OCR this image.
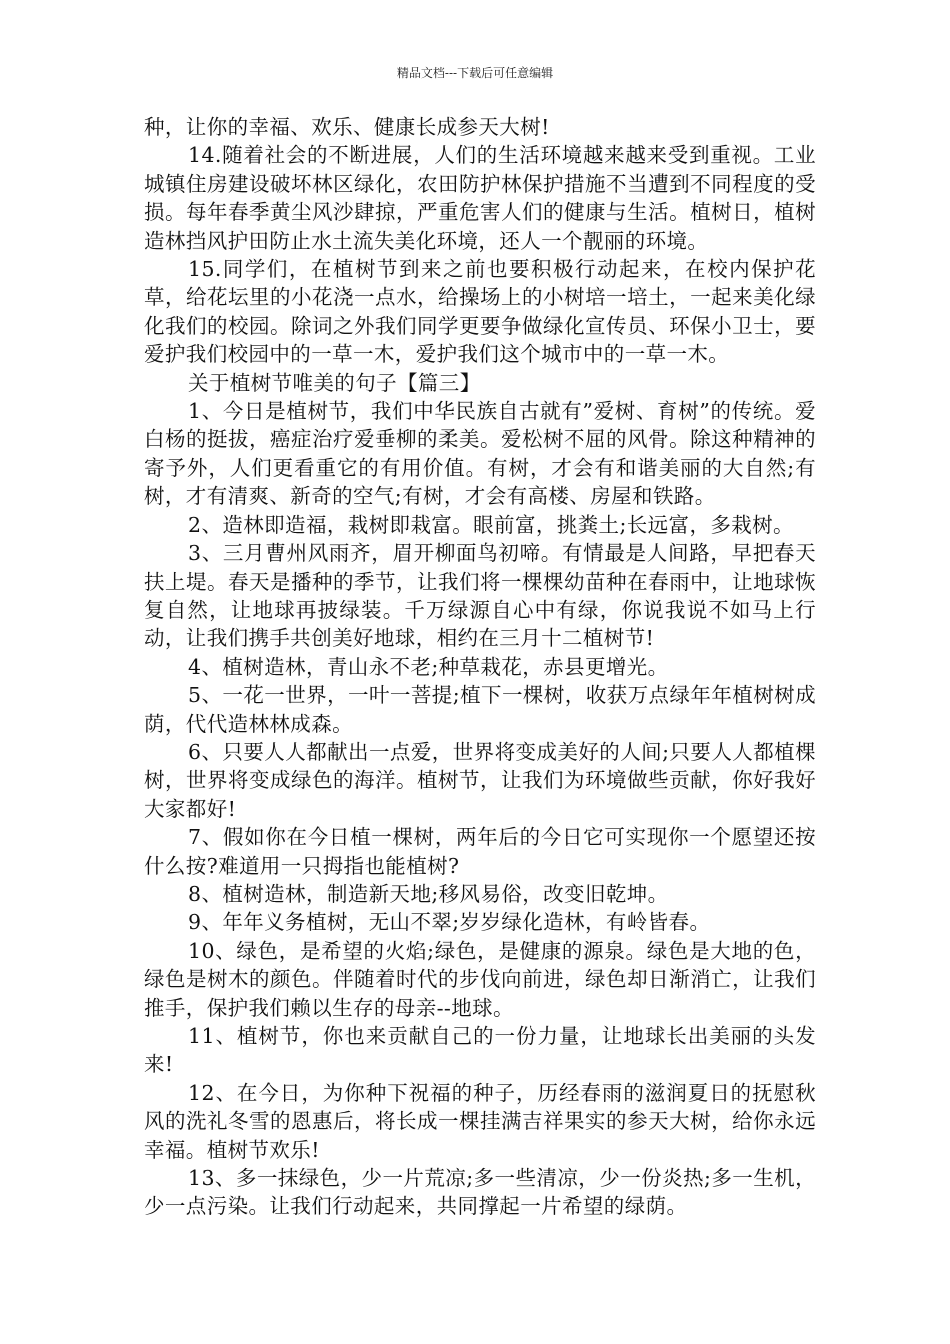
精品文档---下载后可任意编辑

种，让你的幸福、欢乐、健康长成参天大树!

14.随着社会的不断进展，人们的生活环境越来越来受到重视。工业城镇住房建设破坏林区绿化，农田防护林保护措施不当遭到不同程度的受损。每年春季黄尘风沙肆掠，严重危害人们的健康与生活。植树日，植树造林挡风护田防止水土流失美化环境，还人一个靓丽的环境。

15.同学们，在植树节到来之前也要积极行动起来，在校内保护花草，给花坛里的小花浇一点水，给操场上的小树培一培土，一起来美化绿化我们的校园。除词之外我们同学更要争做绿化宣传员、环保小卫士，要爱护我们校园中的一草一木，爱护我们这个城市中的一草一木。

关于植树节唯美的句子【篇三】

1、今日是植树节，我们中华民族自古就有”爱树、育树”的传统。爱白杨的挺拔，癌症治疗爱垂柳的柔美。爱松树不屈的风骨。除这种精神的寄予外，人们更看重它的有用价值。有树，才会有和谐美丽的大自然;有树，才有清爽、新奇的空气;有树，才会有高楼、房屋和铁路。

2、造林即造福，栽树即栽富。眼前富，挑粪土;长远富，多栽树。

3、三月曹州风雨齐，眉开柳面鸟初啼。有情最是人间路，早把春天扶上堤。春天是播种的季节，让我们将一棵棵幼苗种在春雨中，让地球恢复自然，让地球再披绿装。千万绿源自心中有绿，你说我说不如马上行动，让我们携手共创美好地球，相约在三月十二植树节!

4、植树造林，青山永不老;种草栽花，赤县更增光。

5、一花一世界，一叶一菩提;植下一棵树，收获万点绿年年植树树成荫，代代造林林成森。

6、只要人人都献出一点爱，世界将变成美好的人间;只要人人都植棵树，世界将变成绿色的海洋。植树节，让我们为环境做些贡献，你好我好大家都好!

7、假如你在今日植一棵树，两年后的今日它可实现你一个愿望还按什么按?难道用一只拇指也能植树?

8、植树造林，制造新天地;移风易俗，改变旧乾坤。

9、年年义务植树，无山不翠;岁岁绿化造林，有岭皆春。

10、绿色，是希望的火焰;绿色，是健康的源泉。绿色是大地的色，绿色是树木的颜色。伴随着时代的步伐向前进，绿色却日渐消亡，让我们推手，保护我们赖以生存的母亲--地球。

11、植树节，你也来贡献自己的一份力量，让地球长出美丽的头发来!

12、在今日，为你种下祝福的种子，历经春雨的滋润夏日的抚慰秋风的洗礼冬雪的恩惠后，将长成一棵挂满吉祥果实的参天大树，给你永远幸福。植树节欢乐!

13、多一抹绿色，少一片荒凉;多一些清凉，少一份炎热;多一生机，少一点污染。让我们行动起来，共同撑起一片希望的绿荫。
